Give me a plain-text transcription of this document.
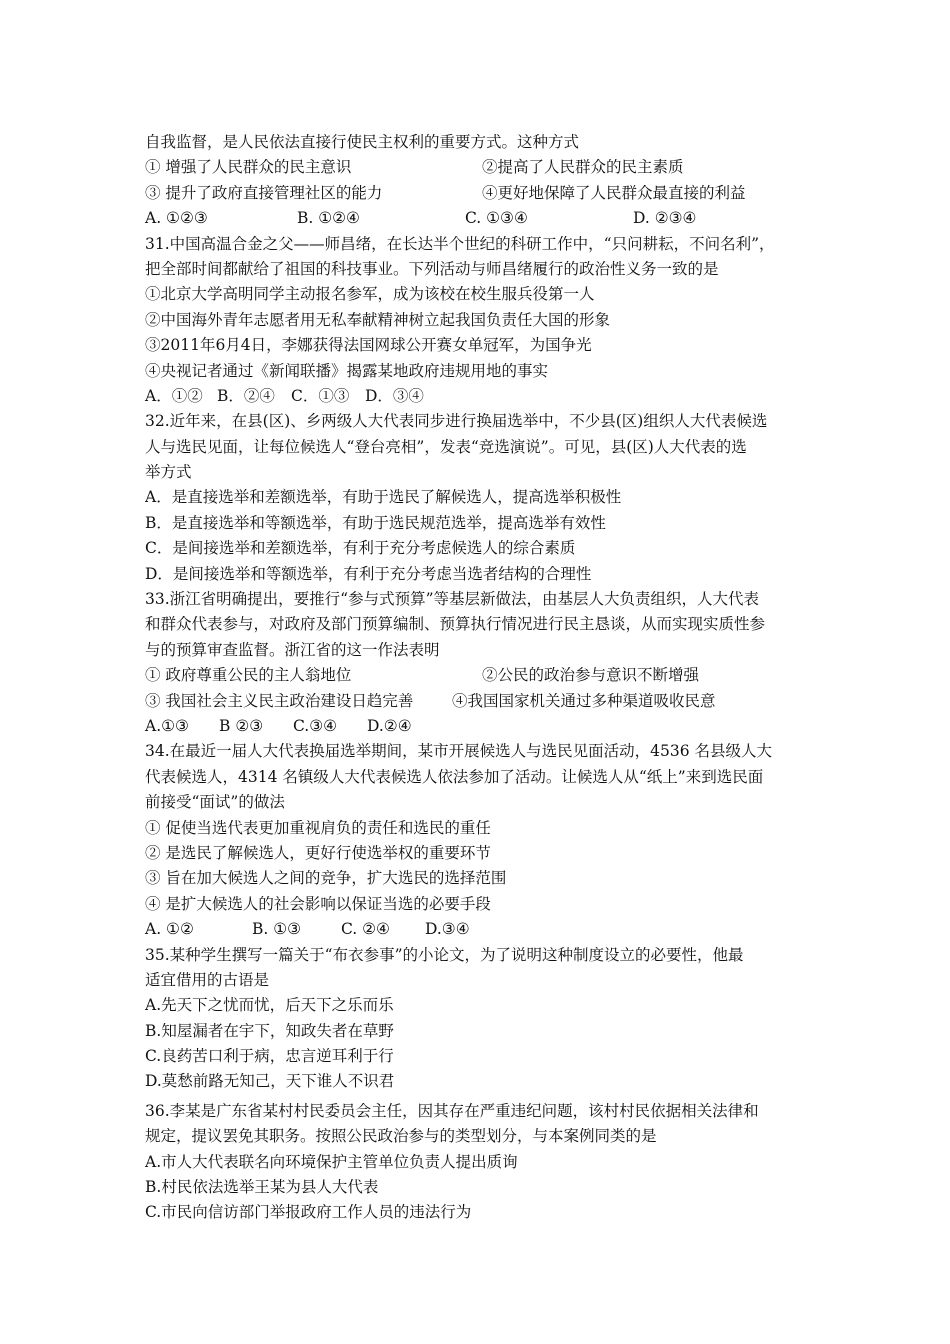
自我监督，是人民依法直接行使民主权利的重要方式。这种方式
① 增强了人民群众的民主意识	②提高了人民群众的民主素质
③ 提升了政府直接管理社区的能力	④更好地保障了人民群众最直接的利益
A. ①②③	B. ①②④	C. ①③④	D. ②③④
31.中国高温合金之父——师昌绪，在长达半个世纪的科研工作中，“只问耕耘，不问名利”，
把全部时间都献给了祖国的科技事业。下列活动与师昌绪履行的政治性义务一致的是
①北京大学高明同学主动报名参军，成为该校在校生服兵役第一人
②中国海外青年志愿者用无私奉献精神树立起我国负责任大国的形象
③2011年6月4日，李娜获得法国网球公开赛女单冠军，为国争光
④央视记者通过《新闻联播》揭露某地政府违规用地的事实
A．①② B．②④	C．①③	D．③④
32.近年来，在县(区)、乡两级人大代表同步进行换届选举中，不少县(区)组织人大代表候选
人与选民见面，让每位候选人“登台亮相”，发表“竞选演说”。可见，县(区)人大代表的选
举方式
A．是直接选举和差额选举，有助于选民了解候选人，提高选举积极性
B．是直接选举和等额选举，有助于选民规范选举，提高选举有效性
C．是间接选举和差额选举，有利于充分考虑候选人的综合素质
D．是间接选举和等额选举，有利于充分考虑当选者结构的合理性
33.浙江省明确提出，要推行“参与式预算”等基层新做法，由基层人大负责组织，人大代表
和群众代表参与，对政府及部门预算编制、预算执行情况进行民主恳谈，从而实现实质性参
与的预算审查监督。浙江省的这一作法表明
① 政府尊重公民的主人翁地位	②公民的政治参与意识不断增强
③ 我国社会主义民主政治建设日趋完善	④我国国家机关通过多种渠道吸收民意
A.①③	B ②③	C.③④	D.②④
34.在最近一届人大代表换届选举期间，某市开展候选人与选民见面活动，4536 名县级人大
代表候选人，4314 名镇级人大代表候选人依法参加了活动。让候选人从“纸上”来到选民面
前接受“面试”的做法
① 促使当选代表更加重视肩负的责任和选民的重任
② 是选民了解候选人，更好行使选举权的重要环节
③ 旨在加大候选人之间的竞争，扩大选民的选择范围
④ 是扩大候选人的社会影响以保证当选的必要手段
A. ①②	B. ①③	C. ②④	D.③④
35.某种学生撰写一篇关于“布衣参事”的小论文，为了说明这种制度设立的必要性，他最
适宜借用的古语是
A.先天下之忧而忧，后天下之乐而乐
B.知屋漏者在宇下，知政失者在草野
C.良药苦口利于病，忠言逆耳利于行
D.莫愁前路无知己，天下谁人不识君
36.李某是广东省某村村民委员会主任，因其存在严重违纪问题，该村村民依据相关法律和
规定，提议罢免其职务。按照公民政治参与的类型划分，与本案例同类的是
A.市人大代表联名向环境保护主管单位负责人提出质询
B.村民依法选举王某为县人大代表
C.市民向信访部门举报政府工作人员的违法行为
